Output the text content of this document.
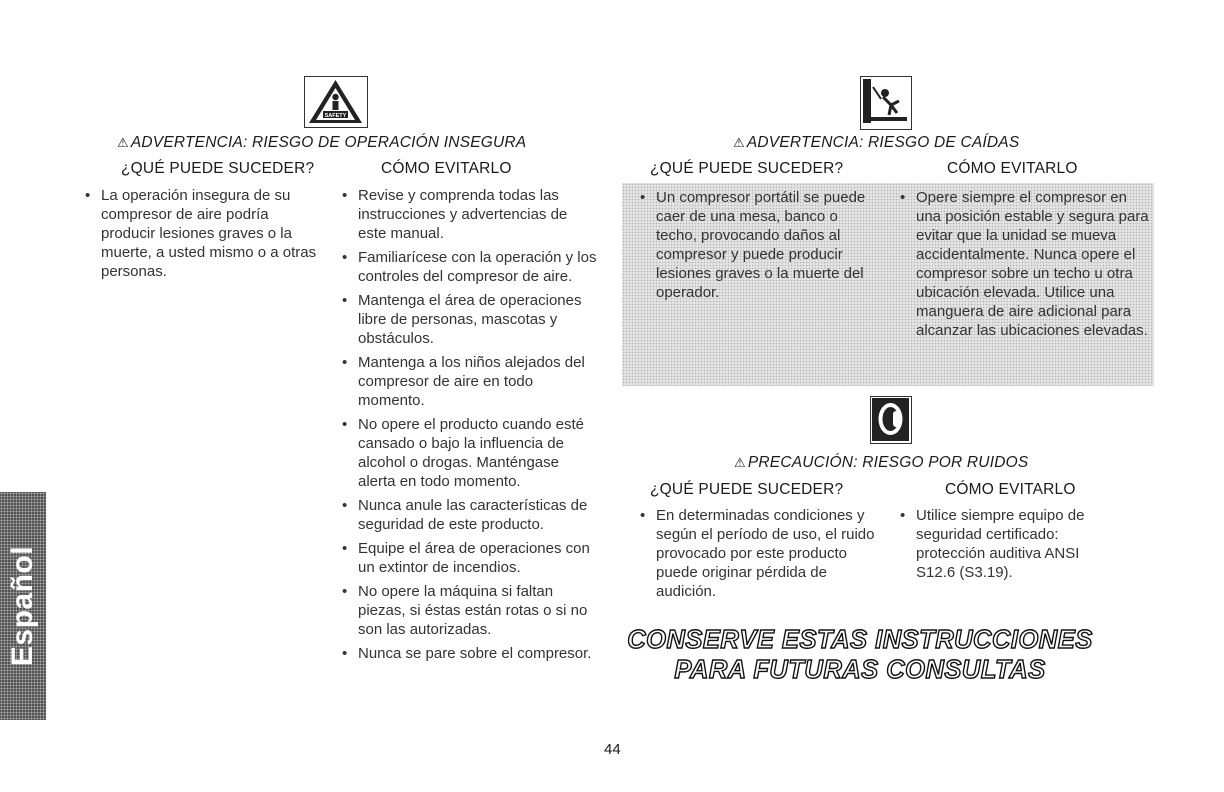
Español
SAFETY
⚠ ADVERTENCIA: RIESGO DE OPERACIÓN INSEGURA
¿QUÉ PUEDE SUCEDER?	CÓMO EVITARLO
• La operación insegura de su compresor de aire podría producir lesiones graves o la muerte, a usted mismo o a otras personas.
• Revise y comprenda todas las instrucciones y advertencias de este manual.
• Familiarícese con la operación y los controles del compresor de aire.
• Mantenga el área de operaciones libre de personas, mascotas y obstáculos.
• Mantenga a los niños alejados del compresor de aire en todo momento.
• No opere el producto cuando esté cansado o bajo la influencia de alcohol o drogas. Manténgase alerta en todo momento.
• Nunca anule las características de seguridad de este producto.
• Equipe el área de operaciones con un extintor de incendios.
• No opere la máquina si faltan piezas, si éstas están rotas o si no son las autorizadas.
• Nunca se pare sobre el compresor.
⚠ ADVERTENCIA: RIESGO DE CAÍDAS
¿QUÉ PUEDE SUCEDER?	CÓMO EVITARLO
• Un compresor portátil se puede caer de una mesa, banco o techo, provocando daños al compresor y puede producir lesiones graves o la muerte del operador.
• Opere siempre el compresor en una posición estable y segura para evitar que la unidad se mueva accidentalmente. Nunca opere el compresor sobre un techo u otra ubicación elevada. Utilice una manguera de aire adicional para alcanzar las ubicaciones elevadas.
⚠ PRECAUCIÓN: RIESGO POR RUIDOS
¿QUÉ PUEDE SUCEDER?	CÓMO EVITARLO
• En determinadas condiciones y según el período de uso, el ruido provocado por este producto puede originar pérdida de audición.
• Utilice siempre equipo de seguridad certificado: protección auditiva ANSI S12.6 (S3.19).
CONSERVE ESTAS INSTRUCCIONES
PARA FUTURAS CONSULTAS
44
